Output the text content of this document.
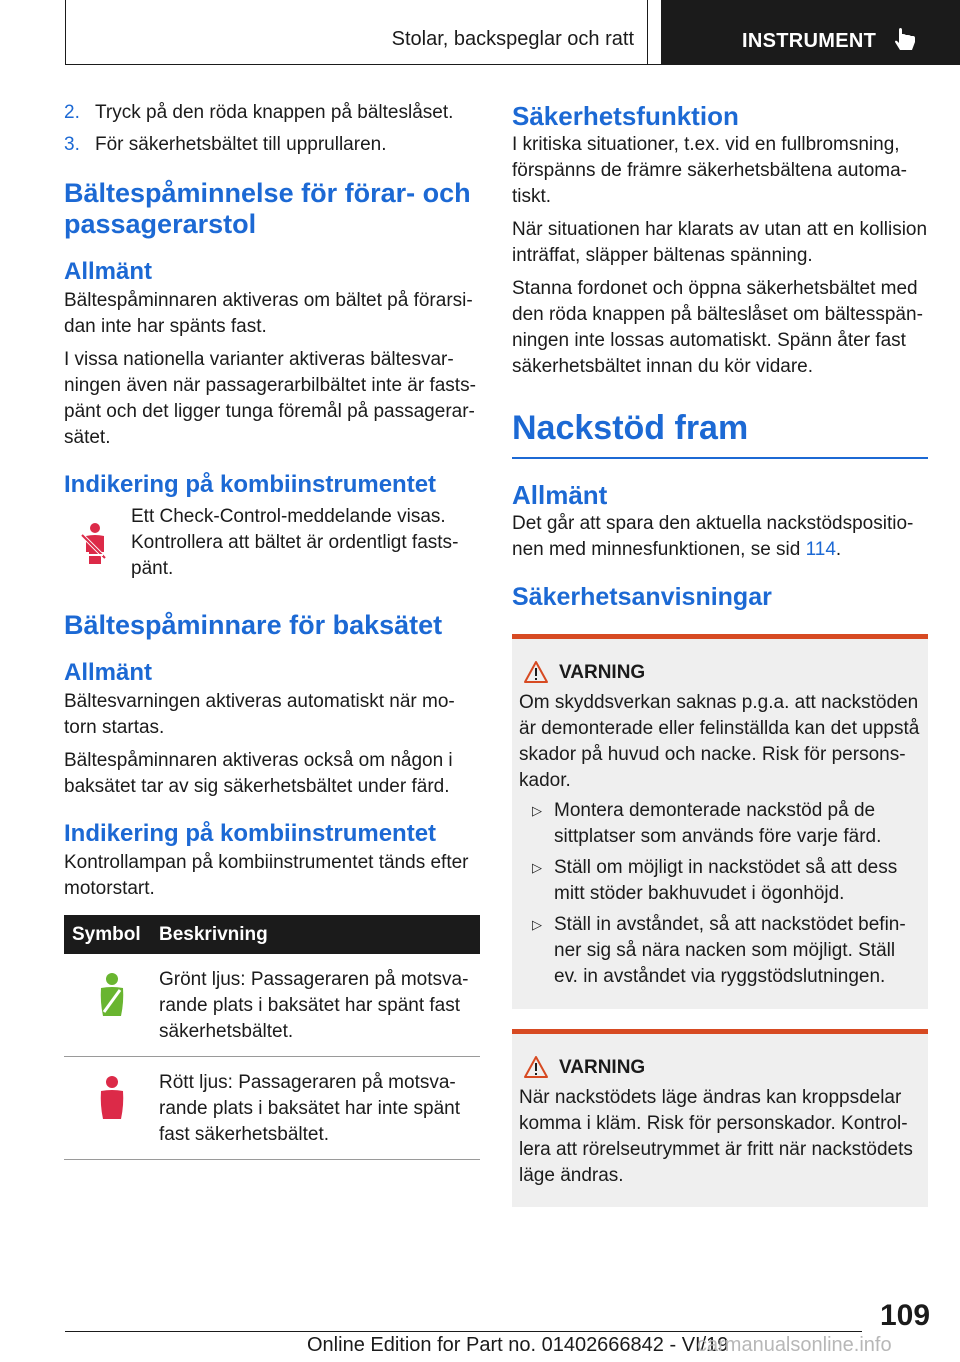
Stolar, backspeglar och ratt	INSTRUMENT
2. Tryck på den röda knappen på bälteslåset.
3. För säkerhetsbältet till upprullaren.
Bältespåminnelse för förar- och passagerarstol
Allmänt

Bältespåminnaren aktiveras om bältet på förarsidan inte har spänts fast.

I vissa nationella varianter aktiveras bältesvarningen även när passagerarbilbältet inte är fastspänt och det ligger tunga föremål på passagerarsätet.

Indikering på kombiinstrumentet
Ett Check-Control-meddelande visas. Kontrollera att bältet är ordentligt fastspänt.
Bältespåminnare för baksätet
Allmänt

Bältesvarningen aktiveras automatiskt när motorn startas.

Bältespåminnaren aktiveras också om någon i baksätet tar av sig säkerhetsbältet under färd.

Indikering på kombiinstrumentet

Kontrollampan på kombiinstrumentet tänds efter motorstart.

Symbol	Beskrivning
	Grönt ljus: Passageraren på motsvarande plats i baksätet har spänt fast säkerhetsbältet.
	Rött ljus: Passageraren på motsvarande plats i baksätet har inte spänt fast säkerhetsbältet.
Säkerhetsfunktion

I kritiska situationer, t.ex. vid en fullbromsning, förspänns de främre säkerhetsbältena automatiskt.

När situationen har klarats av utan att en kollision inträffat, släpper bältenas spänning.

Stanna fordonet och öppna säkerhetsbältet med den röda knappen på bälteslåset om bältesspänningen inte lossas automatiskt. Spänn åter fast säkerhetsbältet innan du kör vidare.

Nackstöd fram
Allmänt

Det går att spara den aktuella nackstödspositionen med minnesfunktionen, se sid 114.

Säkerhetsanvisningar
VARNING

Om skyddsverkan saknas p.g.a. att nackstöden är demonterade eller felinställda kan det uppstå skador på huvud och nacke. Risk för personskador.

▷ Montera demonterade nackstöd på de sittplatser som används före varje färd.
▷ Ställ om möjligt in nackstödet så att dess mitt stöder bakhuvudet i ögonhöjd.
▷ Ställ in avståndet, så att nackstödet befinner sig så nära nacken som möjligt. Ställ ev. in avståndet via ryggstödslutningen.
VARNING

När nackstödets läge ändras kan kroppsdelar komma i kläm. Risk för personskador. Kontrollera att rörelseutrymmet är fritt när nackstödets läge ändras.

109
Online Edition for Part no. 01402666842 - VI/19
carmanualsonline.info
